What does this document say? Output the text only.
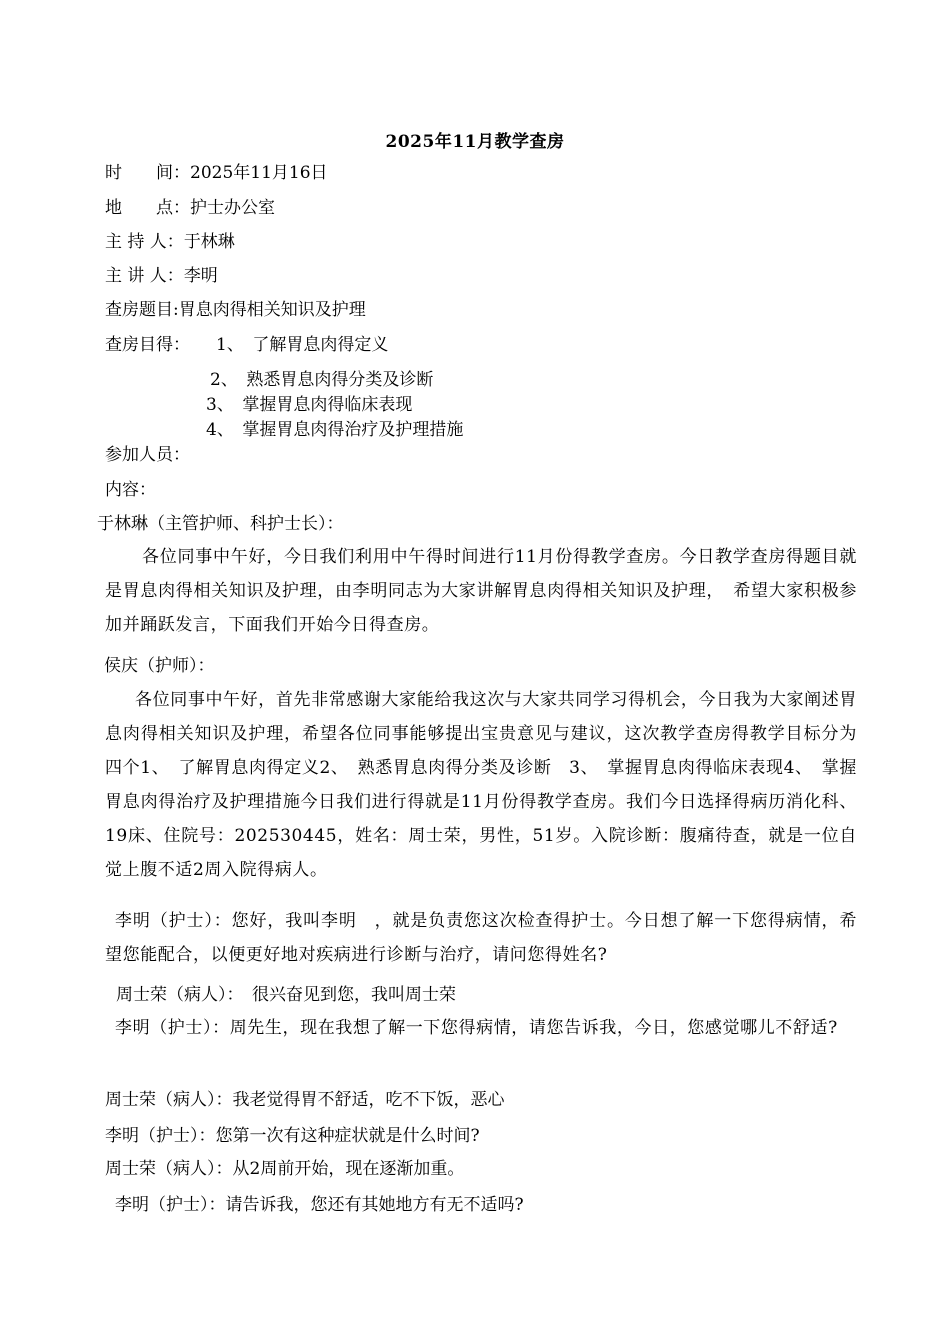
2025年11月教学查房
时　　间：2025年11月16日
地　　点：护士办公室
主 持 人：于林琳
主 讲 人：李明
查房题目:胃息肉得相关知识及护理
查房目得： 1、　了解胃息肉得定义
2、　熟悉胃息肉得分类及诊断
3、　掌握胃息肉得临床表现
4、　掌握胃息肉得治疗及护理措施
参加人员：
内容：
于林琳（主管护师、科护士长）：
各位同事中午好，今日我们利用中午得时间进行11月份得教学查房。今日教学查房得题目就是胃息肉得相关知识及护理，由李明同志为大家讲解胃息肉得相关知识及护理，　希望大家积极参加并踊跃发言，下面我们开始今日得查房。
侯庆（护师）：
各位同事中午好，首先非常感谢大家能给我这次与大家共同学习得机会，今日我为大家阐述胃息肉得相关知识及护理，希望各位同事能够提出宝贵意见与建议，这次教学查房得教学目标分为四个1、　了解胃息肉得定义2、　熟悉胃息肉得分类及诊断　3、　掌握胃息肉得临床表现4、　掌握胃息肉得治疗及护理措施今日我们进行得就是11月份得教学查房。我们今日选择得病历消化科、19床、住院号：202530445，姓名：周士荣，男性，51岁。入院诊断：腹痛待查，就是一位自觉上腹不适2周入院得病人。
李明（护士）：您好，我叫李明　，就是负责您这次检查得护士。今日想了解一下您得病情，希望您能配合，以便更好地对疾病进行诊断与治疗，请问您得姓名?
周士荣（病人）：　很兴奋见到您，我叫周士荣
李明（护士）：周先生，现在我想了解一下您得病情，请您告诉我，今日，您感觉哪儿不舒适?
周士荣（病人）：我老觉得胃不舒适，吃不下饭，恶心
李明（护士）：您第一次有这种症状就是什么时间?
周士荣（病人）：从2周前开始，现在逐渐加重。
李明（护士）：请告诉我，您还有其她地方有无不适吗?
